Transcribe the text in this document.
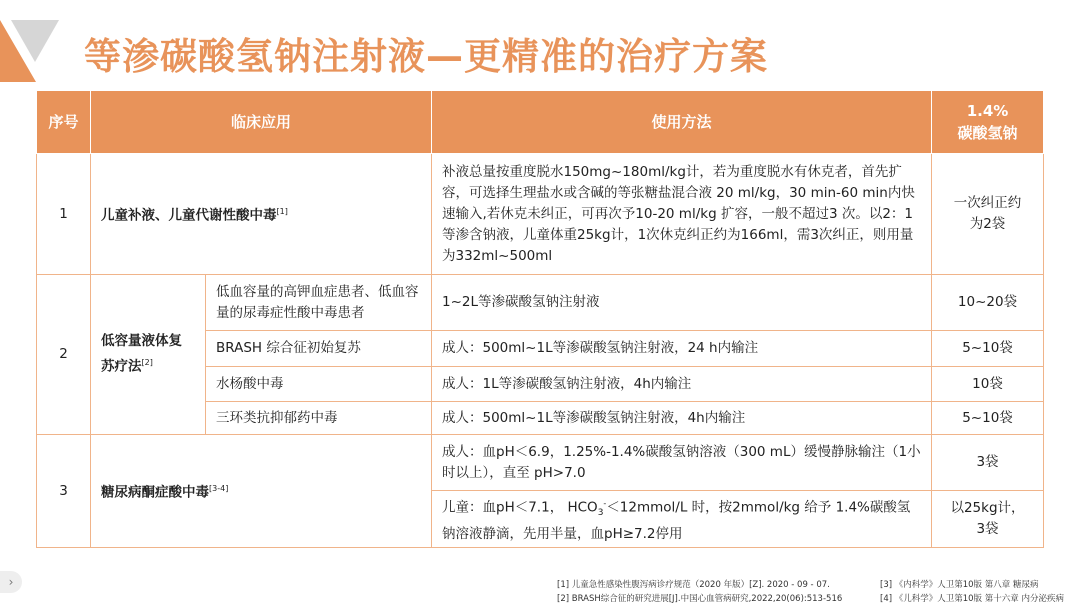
等渗碳酸氢钠注射液—更精准的治疗方案
序号	临床应用		使用方法	1.4%
碳酸氢钠
1	儿童补液、儿童代谢性酸中毒[1]		补液总量按重度脱水150mg~180ml/kg计，若为重度脱水有休克者，首先扩容，可选择生理盐水或含碱的等张糖盐混合液 20 ml/kg，30 min-60 min内快速输入,若休克未纠正，可再次予10-20 ml/kg 扩容，一般不超过3 次。以2：1等渗含钠液，儿童体重25kg计，1次休克纠正约为166ml，需3次纠正，则用量为332ml~500ml	一次纠正约为2袋
2	低容量液体复苏疗法[2]	低血容量的高钾血症患者、低血容量的尿毒症性酸中毒患者	1~2L等渗碳酸氢钠注射液	10~20袋
		BRASH 综合征初始复苏	成人：500ml~1L等渗碳酸氢钠注射液，24 h内输注	5~10袋
		水杨酸中毒	成人：1L等渗碳酸氢钠注射液，4h内输注	10袋
		三环类抗抑郁药中毒	成人：500ml~1L等渗碳酸氢钠注射液，4h内输注	5~10袋
3	糖尿病酮症酸中毒[3-4]		成人：血pH＜6.9，1.25%-1.4%碳酸氢钠溶液（300 mL）缓慢静脉输注（1小时以上），直至 pH>7.0	3袋
			儿童：血pH＜7.1， $HCO_3^-<12mmol/L$ 时，按2mmol/kg 给予 1.4%碳酸氢钠溶液静滴，先用半量，血pH≥7.2停用	以25kg计，
3袋
›	[1] 儿童急性感染性腹泻病诊疗规范（2020 年版）[Z]. 2020 - 09 - 07.
[2] BRASH综合征的研究进展[J].中国心血管病研究,2022,20(06):513-516
[3] 《内科学》人卫第10版 第八章 糖尿病
[4] 《儿科学》人卫第10版 第十六章 内分泌疾病
